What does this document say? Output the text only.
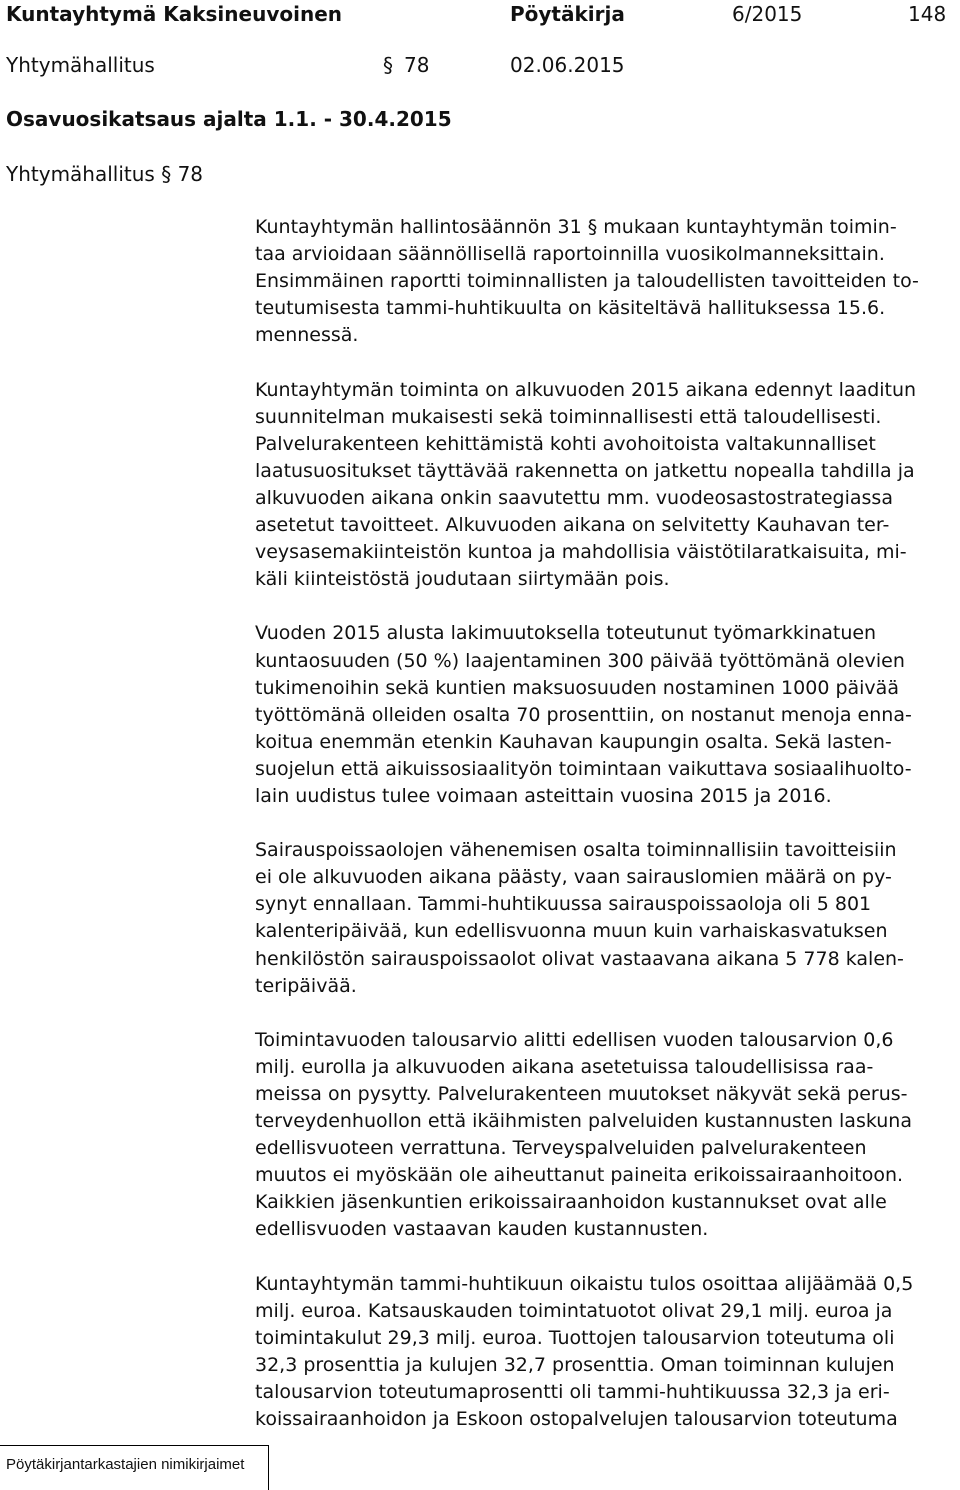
Kuntayhtymä Kaksineuvoinen	Pöytäkirja	6/2015	148
Yhtymähallitus	§ 78	02.06.2015
Osavuosikatsaus ajalta 1.1. - 30.4.2015
Yhtymähallitus § 78
Kuntayhtymän hallintosäännön 31 § mukaan kuntayhtymän toimin-
taa arvioidaan säännöllisellä raportoinnilla vuosikolmanneksittain.
Ensimmäinen raportti toiminnallisten ja taloudellisten tavoitteiden to-
teutumisesta tammi-huhtikuulta on käsiteltävä hallituksessa 15.6.
mennessä.
Kuntayhtymän toiminta on alkuvuoden 2015 aikana edennyt laaditun
suunnitelman mukaisesti sekä toiminnallisesti että taloudellisesti.
Palvelurakenteen kehittämistä kohti avohoitoista valtakunnalliset
laatusuositukset täyttävää rakennetta on jatkettu nopealla tahdilla ja
alkuvuoden aikana onkin saavutettu mm. vuodeosastostrategiassa
asetetut tavoitteet. Alkuvuoden aikana on selvitetty Kauhavan ter-
veysasemakiinteistön kuntoa ja mahdollisia väistötilaratkaisuita, mi-
käli kiinteistöstä joudutaan siirtymään pois.
Vuoden 2015 alusta lakimuutoksella toteutunut työmarkkinatuen
kuntaosuuden (50 %) laajentaminen 300 päivää työttömänä olevien
tukimenoihin sekä kuntien maksuosuuden nostaminen 1000 päivää
työttömänä olleiden osalta 70 prosenttiin, on nostanut menoja enna-
koitua enemmän etenkin Kauhavan kaupungin osalta. Sekä lasten-
suojelun että aikuissosiaalityön toimintaan vaikuttava sosiaalihuolto-
lain uudistus tulee voimaan asteittain vuosina 2015 ja 2016.
Sairauspoissaolojen vähenemisen osalta toiminnallisiin tavoitteisiin
ei ole alkuvuoden aikana päästy, vaan sairauslomien määrä on py-
synyt ennallaan. Tammi-huhtikuussa sairauspoissaoloja oli 5 801
kalenteripäivää, kun edellisvuonna muun kuin varhaiskasvatuksen
henkilöstön sairauspoissaolot olivat vastaavana aikana 5 778 kalen-
teripäivää.
Toimintavuoden talousarvio alitti edellisen vuoden talousarvion 0,6
milj. eurolla ja alkuvuoden aikana asetetuissa taloudellisissa raa-
meissa on pysytty. Palvelurakenteen muutokset näkyvät sekä perus-
terveydenhuollon että ikäihmisten palveluiden kustannusten laskuna
edellisvuoteen verrattuna. Terveyspalveluiden palvelurakenteen
muutos ei myöskään ole aiheuttanut paineita erikoissairaanhoitoon.
Kaikkien jäsenkuntien erikoissairaanhoidon kustannukset ovat alle
edellisvuoden vastaavan kauden kustannusten.
Kuntayhtymän tammi-huhtikuun oikaistu tulos osoittaa alijäämää 0,5
milj. euroa. Katsauskauden toimintatuotot olivat 29,1 milj. euroa ja
toimintakulut 29,3 milj. euroa. Tuottojen talousarvion toteutuma oli
32,3 prosenttia ja kulujen 32,7 prosenttia. Oman toiminnan kulujen
talousarvion toteutumaprosentti oli tammi-huhtikuussa 32,3 ja eri-
koissairaanhoidon ja Eskoon ostopalvelujen talousarvion toteutuma
Pöytäkirjantarkastajien nimikirjaimet
